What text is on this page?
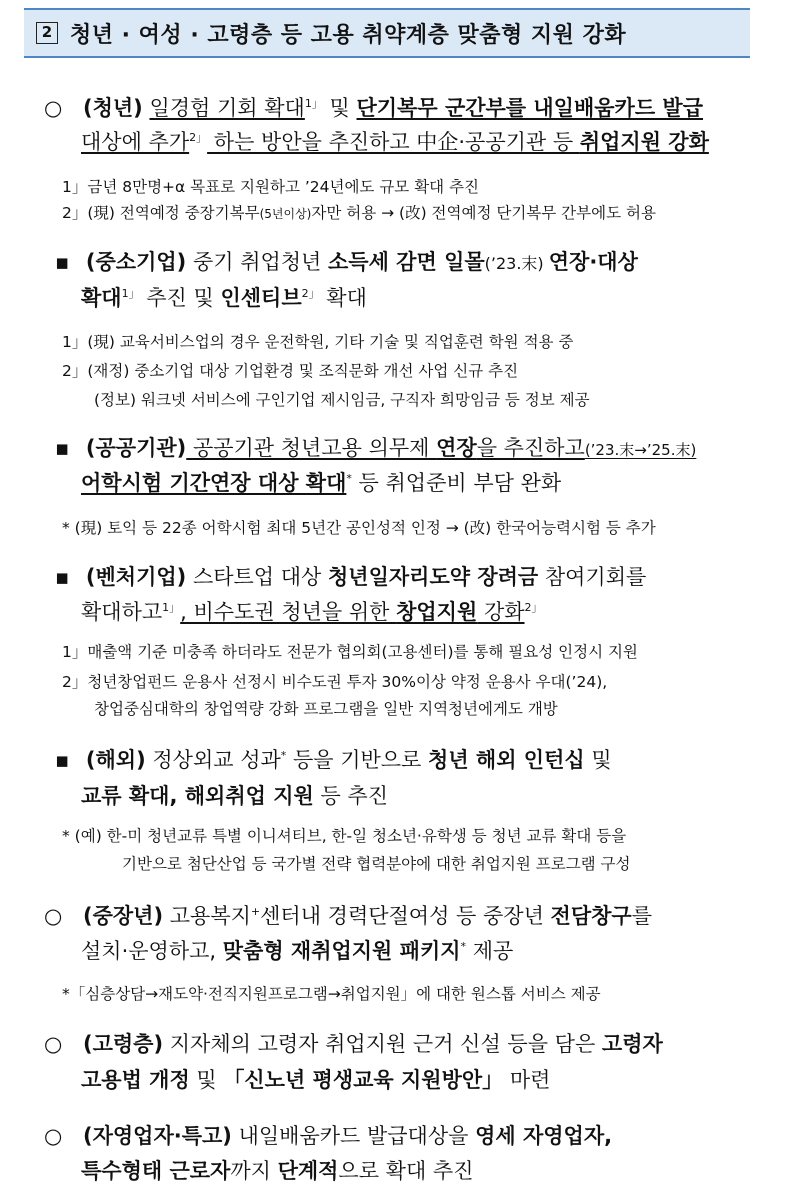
2 청년 · 여성 · 고령층 등 고용 취약계층 맞춤형 지원 강화
○ (청년) 일경험 기회 확대$^{1」}$ 및 단기복무 군간부를 내일배움카드 발급
대상에 추가$^{2」}$ 하는 방안을 추진하고 中企·공공기관 등 취업지원 강화
1」금년 8만명+α 목표로 지원하고 ’24년에도 규모 확대 추진
2」(現) 전역예정 중장기복무(5년이상)자만 허용 → (改) 전역예정 단기복무 간부에도 허용
▪ (중소기업) 중기 취업청년 소득세 감면 일몰(’23.末) 연장·대상
확대$^{1」}$ 추진 및 인센티브$^{2」}$ 확대
1」(現) 교육서비스업의 경우 운전학원, 기타 기술 및 직업훈련 학원 적용 중
2」(재정) 중소기업 대상 기업환경 및 조직문화 개선 사업 신규 추진
(정보) 워크넷 서비스에 구인기업 제시임금, 구직자 희망임금 등 정보 제공
▪ (공공기관) 공공기관 청년고용 의무제 연장을 추진하고(’23.末→’25.末)
어학시험 기간연장 대상 확대* 등 취업준비 부담 완화
* (現) 토익 등 22종 어학시험 최대 5년간 공인성적 인정 → (改) 한국어능력시험 등 추가
▪ (벤처기업) 스타트업 대상 청년일자리도약 장려금 참여기회를
확대하고$^{1」}$, 비수도권 청년을 위한 창업지원 강화$^{2」}$
1」매출액 기준 미충족 하더라도 전문가 협의회(고용센터)를 통해 필요성 인정시 지원
2」청년창업펀드 운용사 선정시 비수도권 투자 30%이상 약정 운용사 우대(’24),
창업중심대학의 창업역량 강화 프로그램을 일반 지역청년에게도 개방
▪ (해외) 정상외교 성과* 등을 기반으로 청년 해외 인턴십 및
교류 확대, 해외취업 지원 등 추진
* (예) 한-미 청년교류 특별 이니셔티브, 한-일 청소년·유학생 등 청년 교류 확대 등을
기반으로 첨단산업 등 국가별 전략 협력분야에 대한 취업지원 프로그램 구성
○ (중장년) 고용복지+센터내 경력단절여성 등 중장년 전담창구를
설치·운영하고, 맞춤형 재취업지원 패키지* 제공
*「심층상담→재도약·전직지원프로그램→취업지원」에 대한 원스톱 서비스 제공
○ (고령층) 지자체의 고령자 취업지원 근거 신설 등을 담은 고령자
고용법 개정 및 「신노년 평생교육 지원방안」 마련
○ (자영업자·특고) 내일배움카드 발급대상을 영세 자영업자,
특수형태 근로자까지 단계적으로 확대 추진
